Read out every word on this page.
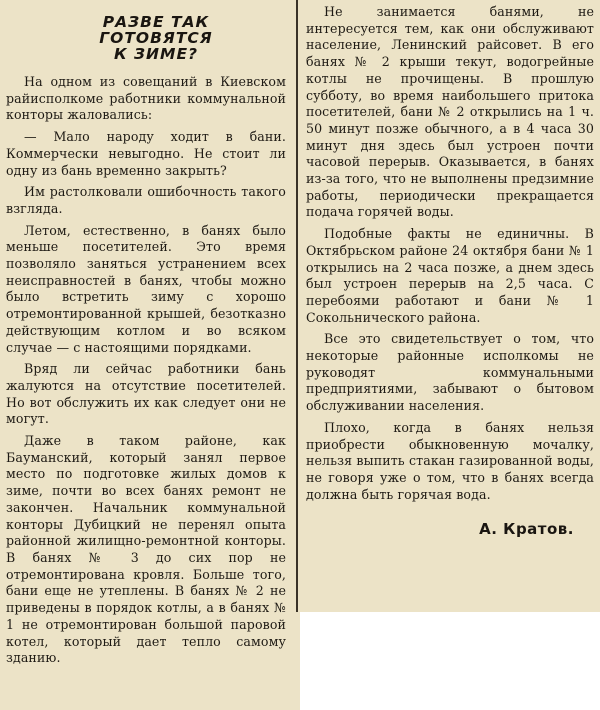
РАЗВЕ ТАК
ГОТОВЯТСЯ
К ЗИМЕ?

На одном из совещаний в Киевском райисполкоме работники коммунальной конторы жаловались:

— Мало народу ходит в бани. Коммерчески невыгодно. Не стоит ли одну из бань временно закрыть?

Им растолковали ошибочность такого взгляда.

Летом, естественно, в банях было меньше посетителей. Это время позволяло заняться устранением всех неисправностей в банях, чтобы можно было встретить зиму с хорошо отремонтированной крышей, безотказно действующим котлом и во всяком случае — с настоящими порядками.

Вряд ли сейчас работники бань жалуются на отсутствие посетителей. Но вот обслужить их как следует они не могут.

Даже в таком районе, как Бауманский, который занял первое место по подготовке жилых домов к зиме, почти во всех банях ремонт не закончен. Начальник коммунальной конторы Дубицкий не перенял опыта районной жилищно-ремонтной конторы. В банях № 3 до сих пор не отремонтирована кровля. Больше того, бани еще не утеплены. В банях № 2 не приведены в порядок котлы, а в банях № 1 не отремонтирован большой паровой котел, который дает тепло самому зданию.

Не занимается банями, не интересуется тем, как они обслуживают население, Ленинский райсовет. В его банях № 2 крыши текут, водогрейные котлы не прочищены. В прошлую субботу, во время наибольшего притока посетителей, бани № 2 открылись на 1 ч. 50 минут позже обычного, а в 4 часа 30 минут дня здесь был устроен почти часовой перерыв. Оказывается, в банях из-за того, что не выполнены предзимние работы, периодически прекращается подача горячей воды.

Подобные факты не единичны. В Октябрьском районе 24 октября бани № 1 открылись на 2 часа позже, а днем здесь был устроен перерыв на 2,5 часа. С перебоями работают и бани № 1 Сокольнического района.

Все это свидетельствует о том, что некоторые районные исполкомы не руководят коммунальными предприятиями, забывают о бытовом обслуживании населения.

Плохо, когда в банях нельзя приобрести обыкновенную мочалку, нельзя выпить стакан газированной воды, не говоря уже о том, что в банях всегда должна быть горячая вода.

А. Кратов.
